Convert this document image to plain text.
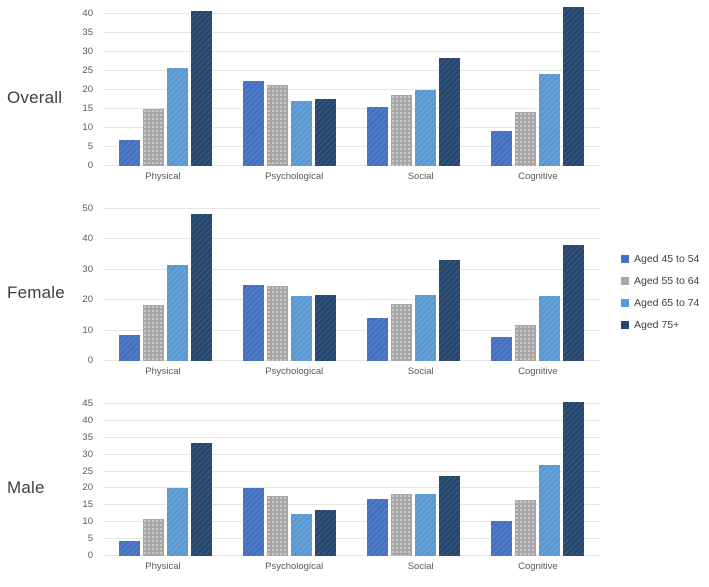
Overall
0
5
10
15
20
25
30
35
40
Physical	Psychological	Social	Cognitive
Female
0
10
20
30
40
50
Physical	Psychological	Social	Cognitive
Male
0
5
10
15
20
25
30
35
40
45
Physical	Psychological	Social	Cognitive
Aged 45 to 54
Aged 55 to 64
Aged 65 to 74
Aged 75+
